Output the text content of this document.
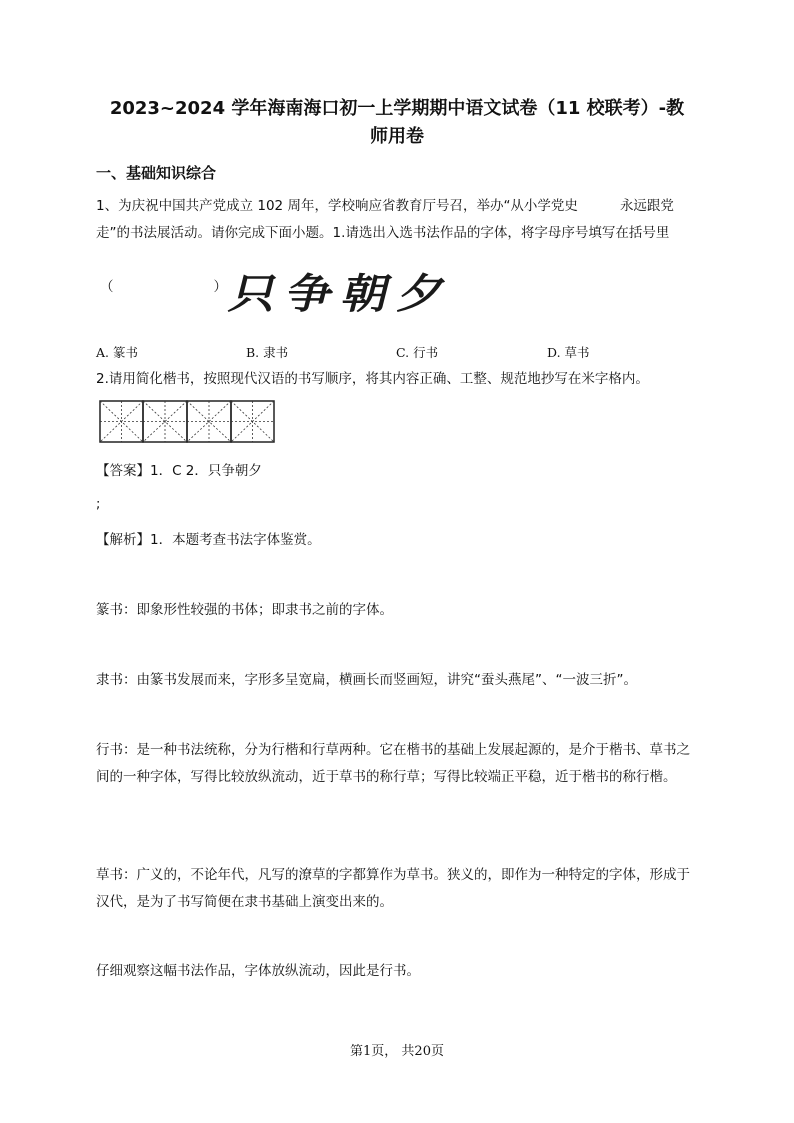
2023~2024 学年海南海口初一上学期期中语文试卷（11 校联考）-教
师用卷
一、基础知识综合
1、为庆祝中国共产党成立 102 周年，学校响应省教育厅号召，举办“从小学党史	永远跟党走”的书法展活动。请你完成下面小题。1.请选出入选书法作品的字体，将字母序号填写在括号里
（	）
只争朝夕
A. 篆书	B. 隶书	C. 行书	D. 草书
2.请用简化楷书，按照现代汉语的书写顺序，将其内容正确、工整、规范地抄写在米字格内。
【答案】1．C 2．只争朝夕
;
【解析】1．本题考查书法字体鉴赏。
篆书：即象形性较强的书体；即隶书之前的字体。
隶书：由篆书发展而来，字形多呈宽扁，横画长而竖画短，讲究“蚕头燕尾”、“一波三折”。
行书：是一种书法统称，分为行楷和行草两种。它在楷书的基础上发展起源的，是介于楷书、草书之间的一种字体，写得比较放纵流动，近于草书的称行草；写得比较端正平稳，近于楷书的称行楷。
草书：广义的，不论年代，凡写的潦草的字都算作为草书。狭义的，即作为一种特定的字体，形成于汉代，是为了书写简便在隶书基础上演变出来的。
仔细观察这幅书法作品，字体放纵流动，因此是行书。
第1页， 共20页
